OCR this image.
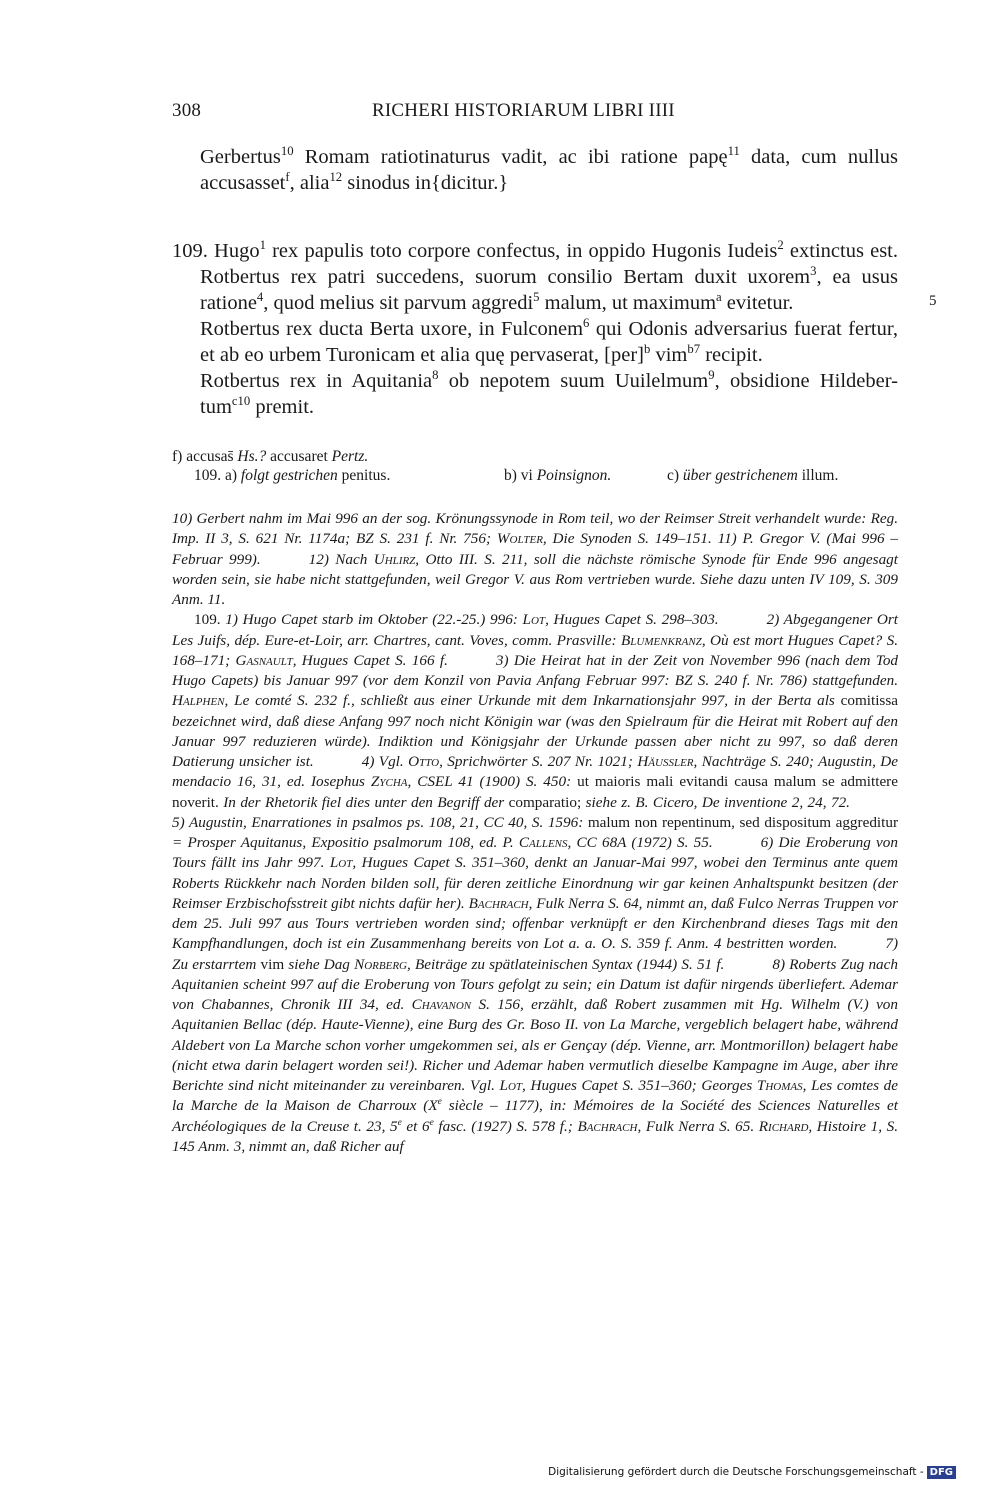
308	RICHERI HISTORIARUM LIBRI IIII

Gerbertus$^{10}$ Romam ratiotinaturus vadit, ac ibi ratione papę$^{11}$ data, cum nullus
accusasset$^f$, alia$^{12}$ sinodus in{dicitur.}

109. Hugo$^1$ rex papulis toto corpore confectus, in oppido Hugonis Iudeis$^2$ extinctus est.

Rotbertus rex patri succedens, suorum consilio Bertam duxit uxorem$^3$, ea usus
ratione$^4$, quod melius sit parvum aggredi$^5$ malum, ut maximum$^a$ evitetur.

Rotbertus rex ducta Berta uxore, in Fulconem$^6$ qui Odonis adversarius fuerat fertur,
et ab eo urbem Turonicam et alia quę pervaserat, [per]$^b$ vim$^{b7}$ recipit.

Rotbertus rex in Aquitania$^8$ ob nepotem suum Uuilelmum$^9$, obsidione Hildeber-
tum$^{c10}$ premit.

5
f) accusas̄ Hs.? accusaret Pertz.
109. a) folgt gestrichen penitus.	b) vi Poinsignon.	c) über gestrichenem illum.

10) Gerbert nahm im Mai 996 an der sog. Krönungssynode in Rom teil, wo der Reimser Streit verhandelt wurde: Reg. Imp. II 3, S. 621 Nr. 1174a; BZ S. 231 f. Nr. 756; Wolter, Die Synoden S. 149–151. 11) P. Gregor V. (Mai 996 – Februar 999).	12) Nach Uhlirz, Otto III. S. 211, soll die nächste römische Synode für Ende 996 angesagt worden sein, sie habe nicht stattgefunden, weil Gregor V. aus Rom vertrieben wurde. Siehe dazu unten IV 109, S. 309 Anm. 11.

109. 1) Hugo Capet starb im Oktober (22.-25.) 996: Lot, Hugues Capet S. 298–303.	2) Abgegangener Ort Les Juifs, dép. Eure-et-Loir, arr. Chartres, cant. Voves, comm. Prasville: Blumenkranz, Où est mort Hugues Capet? S. 168–171; Gasnault, Hugues Capet S. 166 f.	3) Die Heirat hat in der Zeit von November 996 (nach dem Tod Hugo Capets) bis Januar 997 (vor dem Konzil von Pavia Anfang Februar 997: BZ S. 240 f. Nr. 786) stattgefunden. Halphen, Le comté S. 232 f., schließt aus einer Urkunde mit dem Inkarnationsjahr 997, in der Berta als comitissa bezeichnet wird, daß diese Anfang 997 noch nicht Königin war (was den Spielraum für die Heirat mit Robert auf den Januar 997 reduzieren würde). Indiktion und Königsjahr der Urkunde passen aber nicht zu 997, so daß deren Datierung unsicher ist.	4) Vgl. Otto, Sprichwörter S. 207 Nr. 1021; Häussler, Nachträge S. 240; Augustin, De mendacio 16, 31, ed. Iosephus Zycha, CSEL 41 (1900) S. 450: ut maioris mali evitandi causa malum se admittere noverit. In der Rhetorik fiel dies unter den Begriff der comparatio; siehe z. B. Cicero, De inventione 2, 24, 72.5) Augustin, Enarrationes in psalmos ps. 108, 21, CC 40, S. 1596: malum non repentinum, sed dispositum aggreditur = Prosper Aquitanus, Expositio psalmorum 108, ed. P. Callens, CC 68A (1972) S. 55.	6) Die Eroberung von Tours fällt ins Jahr 997. Lot, Hugues Capet S. 351–360, denkt an Januar-Mai 997, wobei den Terminus ante quem Roberts Rückkehr nach Norden bilden soll, für deren zeitliche Einordnung wir gar keinen Anhaltspunkt besitzen (der Reimser Erzbischofsstreit gibt nichts dafür her). Bachrach, Fulk Nerra S. 64, nimmt an, daß Fulco Nerras Truppen vor dem 25. Juli 997 aus Tours vertrieben worden sind; offenbar verknüpft er den Kirchenbrand dieses Tags mit den Kampfhandlungen, doch ist ein Zusammenhang bereits von Lot a. a. O. S. 359 f. Anm. 4 bestritten worden.	7) Zu erstarrtem vim siehe Dag Norberg, Beiträge zu spätlateinischen Syntax (1944) S. 51 f.	8) Roberts Zug nach Aquitanien scheint 997 auf die Eroberung von Tours gefolgt zu sein; ein Datum ist dafür nirgends überliefert. Ademar von Chabannes, Chronik III 34, ed. Chavanon S. 156, erzählt, daß Robert zusammen mit Hg. Wilhelm (V.) von Aquitanien Bellac (dép. Haute-Vienne), eine Burg des Gr. Boso II. von La Marche, vergeblich belagert habe, während Aldebert von La Marche schon vorher umgekommen sei, als er Gençay (dép. Vienne, arr. Montmorillon) belagert habe (nicht etwa darin belagert worden sei!). Richer und Ademar haben vermutlich dieselbe Kampagne im Auge, aber ihre Berichte sind nicht miteinander zu vereinbaren. Vgl. Lot, Hugues Capet S. 351–360; Georges Thomas, Les comtes de la Marche de la Maison de Charroux (Xe siècle – 1177), in: Mémoires de la Société des Sciences Naturelles et Archéologiques de la Creuse t. 23, 5e et 6e fasc. (1927) S. 578 f.; Bachrach, Fulk Nerra S. 65. Richard, Histoire 1, S. 145 Anm. 3, nimmt an, daß Richer auf

Digitalisierung gefördert durch die Deutsche Forschungsgemeinschaft - DFG
